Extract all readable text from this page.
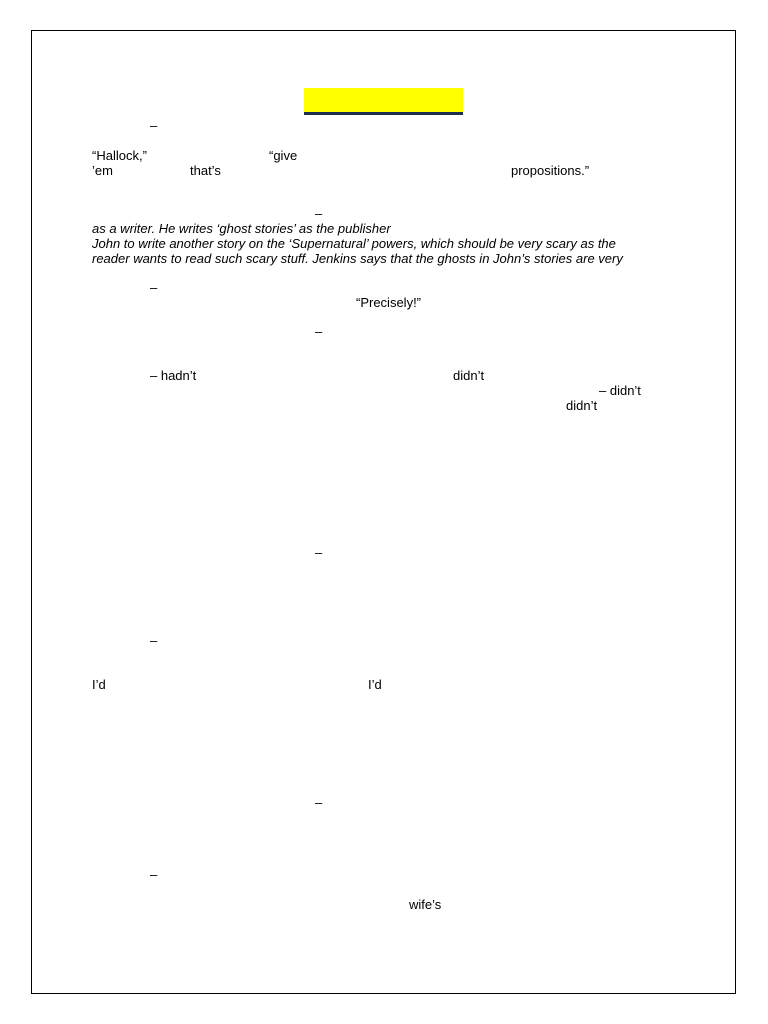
–
“Hallock,”	“give
’em	that’s	propositions.”
–
as a writer. He writes ‘ghost stories’ as the publisher
John to write another story on the ‘Supernatural’ powers, which should be very scary as the
reader wants to read such scary stuff. Jenkins says that the ghosts in John’s stories are very
–
“Precisely!”
–
– hadn’t	didn’t
– didn’t
didn’t
–
–
I’d	I’d
–
–
wife’s
